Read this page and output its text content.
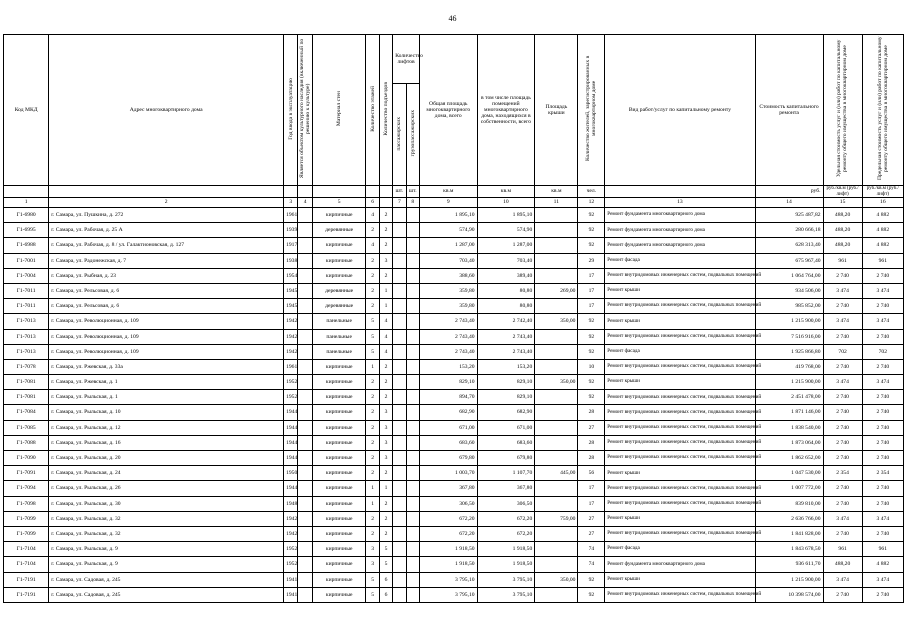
46
Код МКД	Адрес многоквартирного дома	Год ввода в эксплуатацию	Является объектом культурного наследия (включенный по решению к культуре)	Материал стен	Количество этажей	Количество подъездов	Количество лифтов		Общая площадь многоквартирного дома, всего	в том числе площадь помещений многоквартирного дома, находящихся в собственности, всего	Площадь крыши	Количество жителей, зарегистрированных в многоквартирном доме	Вид работ/услуг по капитальному ремонту	Стоимость капитального ремонта	Удельная стоимость услуг и (или) работ по капитальному ремонту общего имущества в многоквартирном доме	Предельная стоимость услуг и (или) работ по капитальному ремонту общего имущества в многоквартирном доме
							пассажирских	грузопассажирских								
							шт.	шт.	кв.м	кв.м	кв.м	чел.		руб.	руб./кв.м (руб./лифт)	руб./кв.м (руб./лифт)
1	2	3	4	5	6		7	8	9	10	11	12	13	14	15	16
Г1-6980	г. Самара, ул. Пушкина, д. 272	1961		кирпичные	4	2			1 895,10	1 895,10		92	Ремонт фундамента многоквартирного дома	925 487,82	488,20	4 882
Г1-6995	г. Самара, ул. Рабочая, д. 25 А	1939		деревянные	2	2			574,90	574,90		92	Ремонт фундамента многоквартирного дома	280 666,18	488,20	4 882
Г1-6988	г. Самара, ул. Рабочая, д. 8 / ул. Галактионовская, д. 127	1917		кирпичные	4	2			1 287,00	1 287,00		92	Ремонт фундамента многоквартирного дома	628 313,40	488,20	4 882
Г1-7001	г. Самара, ул. Радонежская, д. 7	1938		кирпичные	2	3			703,40	703,40		29	Ремонт фасада	675 967,40	961	961
Г1-7004	г. Самара, ул. Рыбная, д. 23	1954		кирпичные	2	2			388,60	389,40		17	Ремонт внутридомовых инженерных систем, подвальных помещений	1 064 764,00	2 740	2 740
Г1-7011	г. Самара, ул. Рельсовая, д. 6	1945		деревянные	2	1			359,80	80,80	269,00	17	Ремонт крыши	934 506,00	3 474	3 474
Г1-7011	г. Самара, ул. Рельсовая, д. 6	1945		деревянные	2	1			359,80	80,80		17	Ремонт внутридомовых инженерных систем, подвальных помещений	985 852,00	2 740	2 740
Г1-7013	г. Самара, ул. Революционная, д. 109	1942		панельные	5	4			2 743,40	2 742,40	350,00	92	Ремонт крыши	1 215 900,00	3 474	3 474
Г1-7013	г. Самара, ул. Революционная, д. 109	1942		панельные	5	4			2 743,40	2 743,40		92	Ремонт внутридомовых инженерных систем, подвальных помещений	7 516 916,00	2 740	2 740
Г1-7013	г. Самара, ул. Революционная, д. 109	1942		панельные	5	4			2 743,40	2 743,40		92	Ремонт фасада	1 925 866,80	702	702
Г1-7078	г. Самара, ул. Ржевская, д. 33а	1961		кирпичные	1	2			153,20	153,20		10	Ремонт внутридомовых инженерных систем, подвальных помещений	419 768,00	2 740	2 740
Г1-7081	г. Самара, ул. Ржевская, д. 1	1952		кирпичные	2	2			829,10	829,10	350,00	92	Ремонт крыши	1 215 900,00	3 474	3 474
Г1-7081	г. Самара, ул. Рыльская, д. 1	1952		кирпичные	2	2			894,70	829,10		92	Ремонт внутридомовых инженерных систем, подвальных помещений	2 451 478,00	2 740	2 740
Г1-7084	г. Самара, ул. Рыльская, д. 10	1944		кирпичные	2	3			682,90	682,90		28	Ремонт внутридомовых инженерных систем, подвальных помещений	1 871 146,00	2 740	2 740
Г1-7085	г. Самара, ул. Рыльская, д. 12	1944		кирпичные	2	3			671,00	671,00		27	Ремонт внутридомовых инженерных систем, подвальных помещений	1 838 540,00	2 740	2 740
Г1-7088	г. Самара, ул. Рыльская, д. 16	1944		кирпичные	2	3			683,60	683,60		28	Ремонт внутридомовых инженерных систем, подвальных помещений	1 873 064,00	2 740	2 740
Г1-7090	г. Самара, ул. Рыльская, д. 20	1944		кирпичные	2	3			679,80	679,80		28	Ремонт внутридомовых инженерных систем, подвальных помещений	1 862 652,00	2 740	2 740
Г1-7091	г. Самара, ул. Рыльская, д. 24	1950		кирпичные	2	2			1 003,70	1 107,70	445,00	56	Ремонт крыши	1 047 530,00	2 354	2 354
Г1-7094	г. Самара, ул. Рыльская, д. 26	1944		кирпичные	1	1			367,80	367,80		17	Ремонт внутридомовых инженерных систем, подвальных помещений	1 007 772,00	2 740	2 740
Г1-7098	г. Самара, ул. Рыльская, д. 30	1948		кирпичные	1	2			306,50	306,50		17	Ремонт внутридомовых инженерных систем, подвальных помещений	839 810,00	2 740	2 740
Г1-7099	г. Самара, ул. Рыльская, д. 32	1942		кирпичные	2	2			672,20	672,20	759,00	27	Ремонт крыши	2 636 766,00	3 474	3 474
Г1-7099	г. Самара, ул. Рыльская, д. 32	1942		кирпичные	2	2			672,20	672,20		27	Ремонт внутридомовых инженерных систем, подвальных помещений	1 841 828,00	2 740	2 740
Г1-7104	г. Самара, ул. Рыльская, д. 9	1952		кирпичные	3	5			1 918,50	1 918,50		74	Ремонт фасада	1 843 678,50	961	961
Г1-7104	г. Самара, ул. Рыльская, д. 9	1952		кирпичные	3	5			1 918,50	1 918,50		74	Ремонт фундамента многоквартирного дома	936 611,70	488,20	4 882
Г1-7191	г. Самара, ул. Садовая, д. 245	1941		кирпичные	5	6			3 795,10	3 795,10	350,00	92	Ремонт крыши	1 215 900,00	3 474	3 474
Г1-7191	г. Самара, ул. Садовая, д. 245	1941		кирпичные	5	6			3 795,10	3 795,10		92	Ремонт внутридомовых инженерных систем, подвальных помещений	10 398 574,00	2 740	2 740
